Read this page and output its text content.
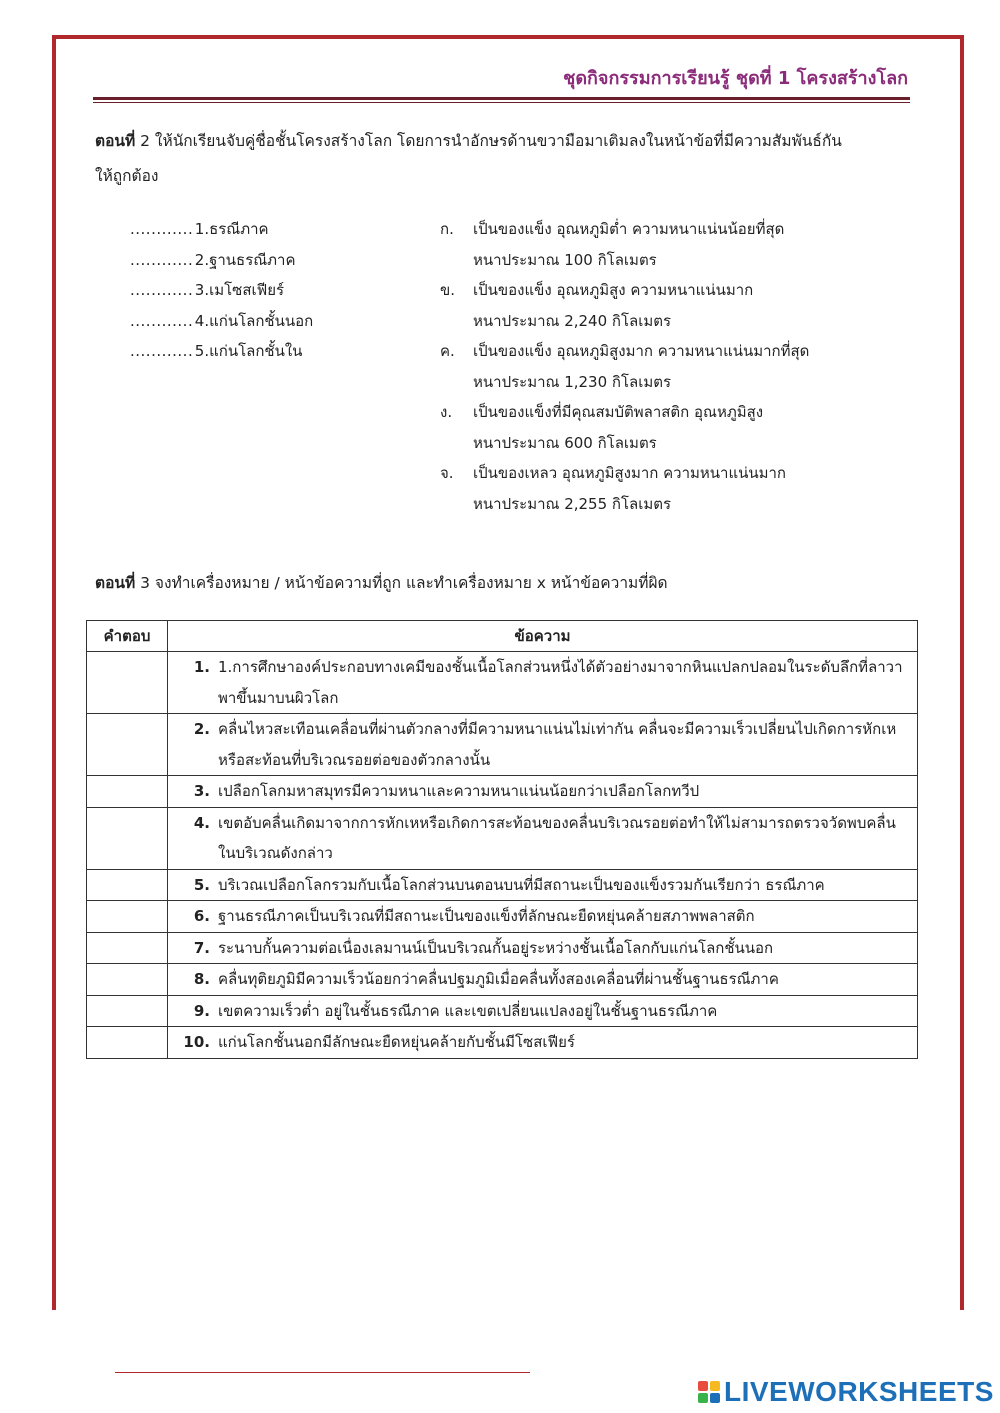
ชุดกิจกรรมการเรียนรู้ ชุดที่ 1 โครงสร้างโลก
ตอนที่ 2 ให้นักเรียนจับคู่ชื่อชั้นโครงสร้างโลก โดยการนำอักษรด้านขวามือมาเติมลงในหน้าข้อที่มีความสัมพันธ์กัน
ให้ถูกต้อง
............ 1.ธรณีภาค
............ 2.ฐานธรณีภาค
............ 3.เมโซสเฟียร์
............ 4.แก่นโลกชั้นนอก
............ 5.แก่นโลกชั้นใน
ก.	เป็นของแข็ง อุณหภูมิต่ำ ความหนาแน่นน้อยที่สุด
หนาประมาณ 100 กิโลเมตร
ข.	เป็นของแข็ง อุณหภูมิสูง ความหนาแน่นมาก
หนาประมาณ 2,240 กิโลเมตร
ค.	เป็นของแข็ง อุณหภูมิสูงมาก ความหนาแน่นมากที่สุด
หนาประมาณ 1,230 กิโลเมตร
ง.	เป็นของแข็งที่มีคุณสมบัติพลาสติก อุณหภูมิสูง
หนาประมาณ 600 กิโลเมตร
จ.	เป็นของเหลว อุณหภูมิสูงมาก ความหนาแน่นมาก
หนาประมาณ 2,255 กิโลเมตร
ตอนที่ 3 จงทำเครื่องหมาย / หน้าข้อความที่ถูก และทำเครื่องหมาย x หน้าข้อความที่ผิด
คำตอบ	ข้อความ

	1. 1.การศึกษาองค์ประกอบทางเคมีของชั้นเนื้อโลกส่วนหนึ่งได้ตัวอย่างมาจากหินแปลกปลอมในระดับลึกที่ลาวาพาขึ้นมาบนผิวโลก

	2. คลื่นไหวสะเทือนเคลื่อนที่ผ่านตัวกลางที่มีความหนาแน่นไม่เท่ากัน คลื่นจะมีความเร็วเปลี่ยนไปเกิดการหักเห หรือสะท้อนที่บริเวณรอยต่อของตัวกลางนั้น

	3. เปลือกโลกมหาสมุทรมีความหนาและความหนาแน่นน้อยกว่าเปลือกโลกทวีป

	4. เขตอับคลื่นเกิดมาจากการหักเหหรือเกิดการสะท้อนของคลื่นบริเวณรอยต่อทำให้ไม่สามารถตรวจวัดพบคลื่นในบริเวณดังกล่าว

	5. บริเวณเปลือกโลกรวมกับเนื้อโลกส่วนบนตอนบนที่มีสถานะเป็นของแข็งรวมกันเรียกว่า ธรณีภาค

	6. ฐานธรณีภาคเป็นบริเวณที่มีสถานะเป็นของแข็งที่ลักษณะยืดหยุ่นคล้ายสภาพพลาสติก

	7. ระนาบกั้นความต่อเนื่องเลมานน์เป็นบริเวณกั้นอยู่ระหว่างชั้นเนื้อโลกกับแก่นโลกชั้นนอก

	8. คลื่นทุติยภูมิมีความเร็วน้อยกว่าคลื่นปฐมภูมิเมื่อคลื่นทั้งสองเคลื่อนที่ผ่านชั้นฐานธรณีภาค

	9. เขตความเร็วต่ำ อยู่ในชั้นธรณีภาค และเขตเปลี่ยนแปลงอยู่ในชั้นฐานธรณีภาค

	10. แก่นโลกชั้นนอกมีลักษณะยืดหยุ่นคล้ายกับชั้นมีโซสเฟียร์
LIVEWORKSHEETS
